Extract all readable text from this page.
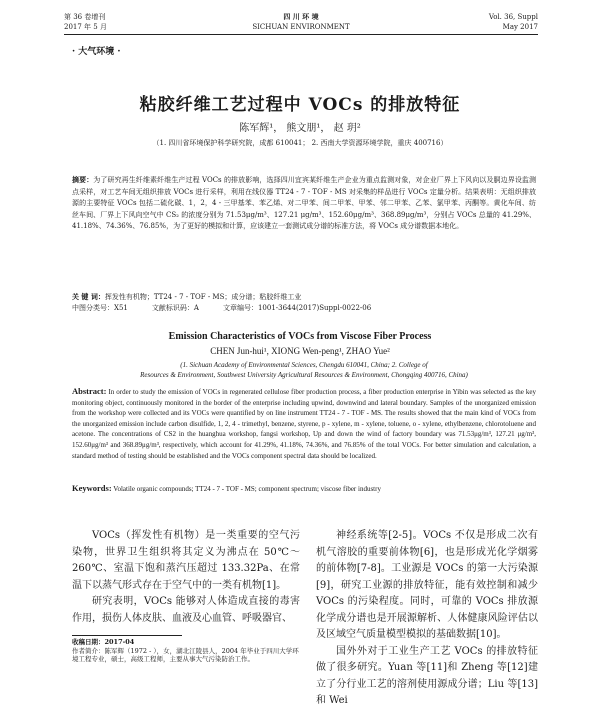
第 36 卷增刊
2017 年 5 月
四 川 环 境
SICHUAN ENVIRONMENT
Vol. 36, Suppl
May 2017
· 大气环境 ·
粘胶纤维工艺过程中 VOCs 的排放特征
陈军辉¹， 熊文朋¹， 赵 玥²
（1. 四川省环境保护科学研究院，成都 610041； 2. 西南大学资源环境学院，重庆 400716）
摘要：为了研究再生纤维素纤维生产过程 VOCs 的排放影响，选择四川宜宾某纤维生产企业为重点监测对象，对企业厂界上下风向以及胴边界设监测点采样，对工艺车间无组织排放 VOCs 进行采样，利用在线仪器 TT24 - 7 - TOF - MS 对采集的样品进行 VOCs 定量分析。结果表明：无组织排放源的主要特征 VOCs 包括二硫化碳、1，2，4 - 三甲基苯、苯乙烯、对二甲苯、间二甲苯、甲苯、邻二甲苯、乙苯、氯甲苯、丙酮等。黄化车间、纺丝车间、厂界上下风向空气中 CS₂ 的浓度分别为 71.53μg/m³、127.21 μg/m³、152.60μg/m³、368.89μg/m³，分别占 VOCs 总量的 41.29%、41.18%、74.36%、76.85%，为了更好的模拟和计算，应该建立一套测试成分谱的标准方法，将 VOCs 成分谱数据本地化。
关 键 词：挥发性有机物；TT24 - 7 - TOF - MS；成分谱；粘胶纤维工业
中图分类号：X51	文献标识码：A	文章编号：1001-3644(2017)Suppl-0022-06
Emission Characteristics of VOCs from Viscose Fiber Process
CHEN Jun-hui¹, XIONG Wen-peng¹, ZHAO Yue²
(1. Sichuan Academy of Environmental Sciences, Chengdu 610041, China; 2. College of
Resources & Environment, Southwest University Agricultural Resources & Environment, Chongqing 400716, China)
Abstract: In order to study the emission of VOCs in regenerated cellulose fiber production process, a fiber production enterprise in Yibin was selected as the key monitoring object, continuously monitored in the border of the enterprise including upwind, downwind and lateral boundary. Samples of the unorganized emission from the workshop were collected and its VOCs were quantified by on line instrument TT24 - 7 - TOF - MS. The results showed that the main kind of VOCs from the unorganized emission include carbon disulfide, 1, 2, 4 - trimethyl, benzene, styrene, p - xylene, m - xylene, toluene, o - xylene, ethylbenzene, chlorotoluene and acetone. The concentrations of CS2 in the huanghua workshop, fangsi workshop, Up and down the wind of factory boundary was 71.53μg/m³, 127.21 μg/m³, 152.60μg/m³ and 368.89μg/m³, respectively, which account for 41.29%, 41.18%, 74.36%, and 76.85% of the total VOCs. For better simulation and calculation, a standard method of testing should be established and the VOCs component spectral data should be localized.
Keywords: Volatile organic compounds; TT24 - 7 - TOF - MS; component spectrum; viscose fiber industry

VOCs（挥发性有机物）是一类重要的空气污染物，世界卫生组织将其定义为沸点在 50℃～260℃、室温下饱和蒸汽压超过 133.32Pa、在常温下以蒸气形式存在于空气中的一类有机物[1]。

研究表明，VOCs 能够对人体造成直接的毒害作用，损伤人体皮肤、血液及心血管、呼吸器官、

神经系统等[2-5]。VOCs 不仅是形成二次有机气溶胶的重要前体物[6]，也是形成光化学烟雾的前体物[7-8]。工业源是 VOCs 的第一大污染源[9]，研究工业源的排放特征，能有效控制和减少 VOCs 的污染程度。同时，可靠的 VOCs 排放源化学成分谱也是开展源解析、人体健康风险评估以及区域空气质量模型模拟的基础数据[10]。

国外外对于工业生产工艺 VOCs 的排放特征做了很多研究。Yuan 等[11]和 Zheng 等[12]建立了分行业工艺的溶剂使用源成分谱；Liu 等[13]和 Wei

收稿日期：2017-04
作者简介：陈军辉（1972 - ），女，湖北江陵县人，2004 年毕业于四川大学环境工程专业，硕士，高级工程师，主要从事大气污染防治工作。
